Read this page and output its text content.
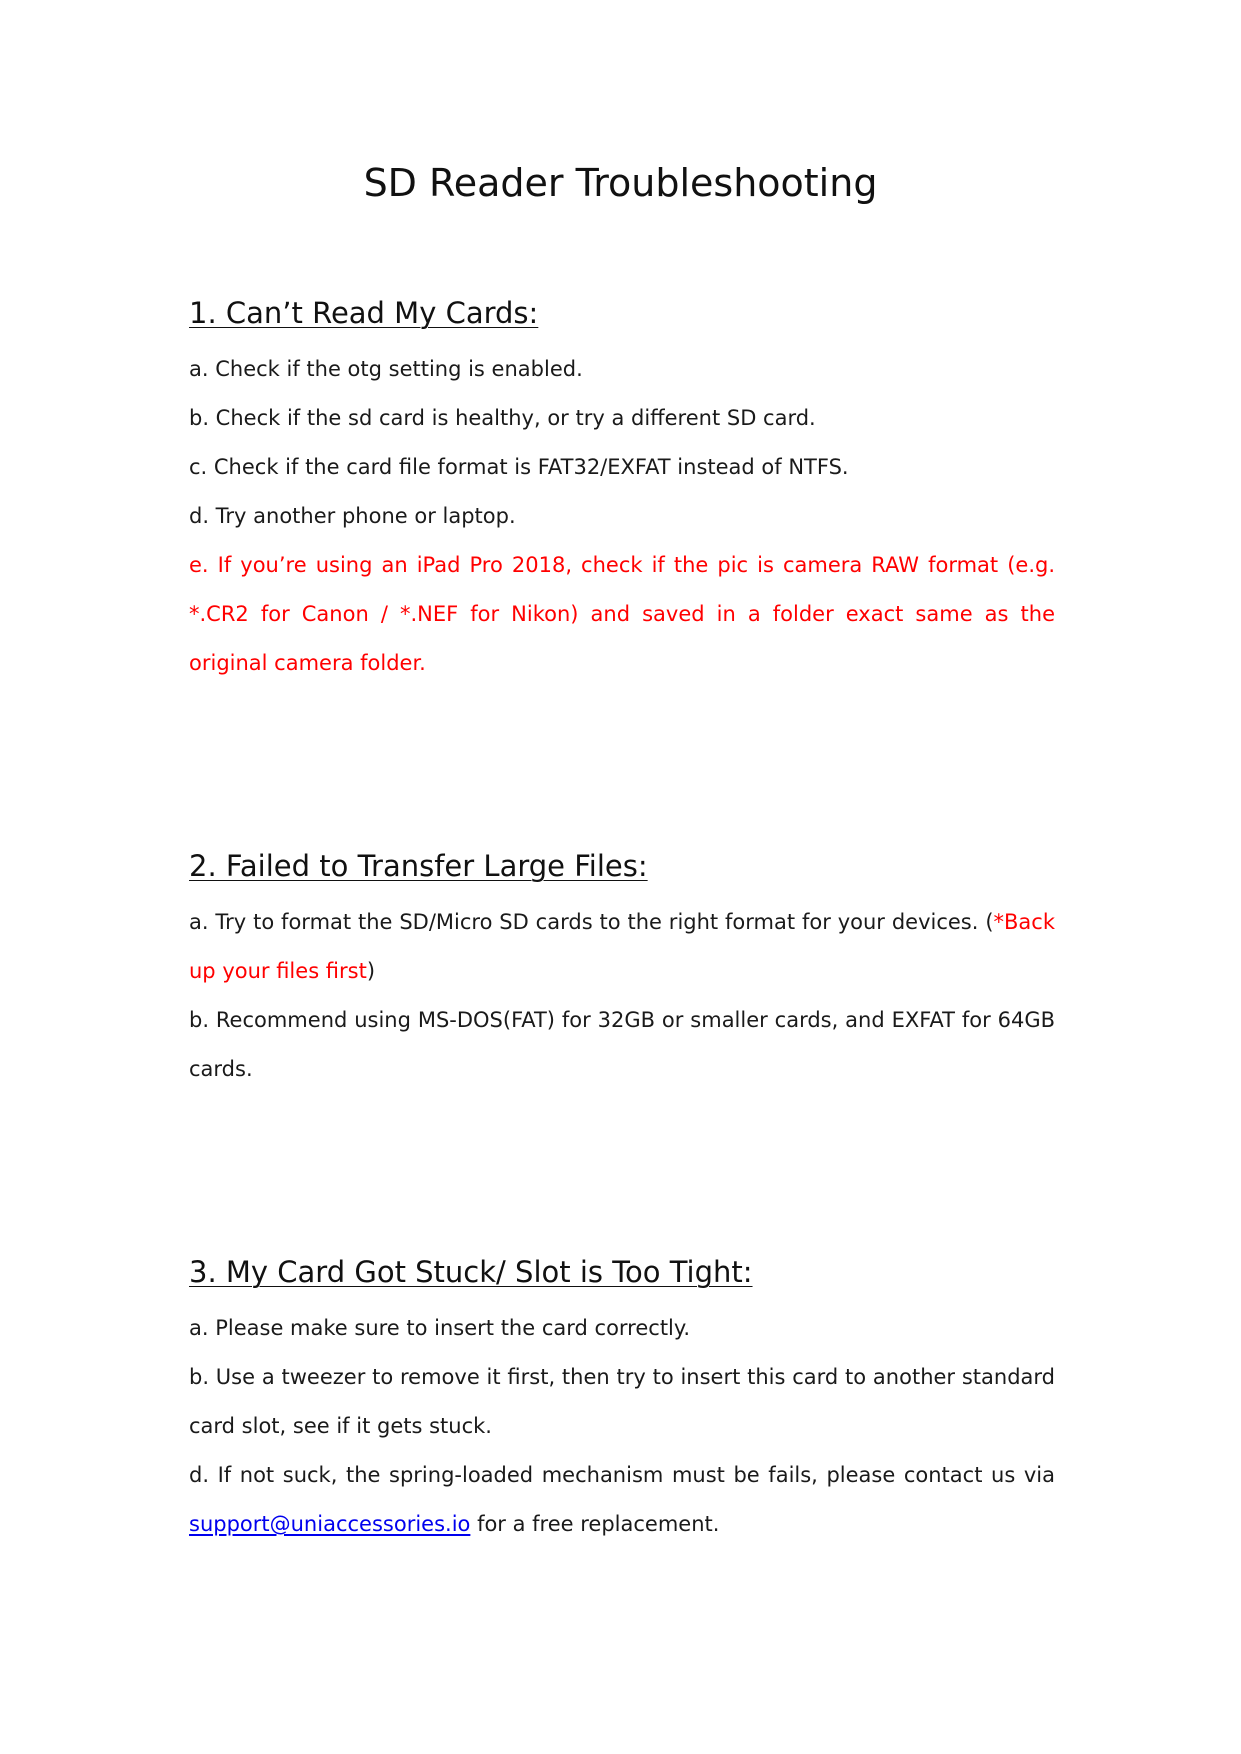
SD Reader Troubleshooting
1. Can’t Read My Cards:

a. Check if the otg setting is enabled.

b. Check if the sd card is healthy, or try a different SD card.

c. Check if the card file format is FAT32/EXFAT instead of NTFS.

d. Try another phone or laptop.

e. If you’re using an iPad Pro 2018, check if the pic is camera RAW format (e.g. *.CR2 for Canon / *.NEF for Nikon) and saved in a folder exact same as the original camera folder.

2. Failed to Transfer Large Files:

a. Try to format the SD/Micro SD cards to the right format for your devices. (*Back up your files first)

b. Recommend using MS-DOS(FAT) for 32GB or smaller cards, and EXFAT for 64GB cards.

3. My Card Got Stuck/ Slot is Too Tight:

a. Please make sure to insert the card correctly.

b. Use a tweezer to remove it first, then try to insert this card to another standard card slot, see if it gets stuck.

d. If not suck, the spring-loaded mechanism must be fails, please contact us via support@uniaccessories.io for a free replacement.
